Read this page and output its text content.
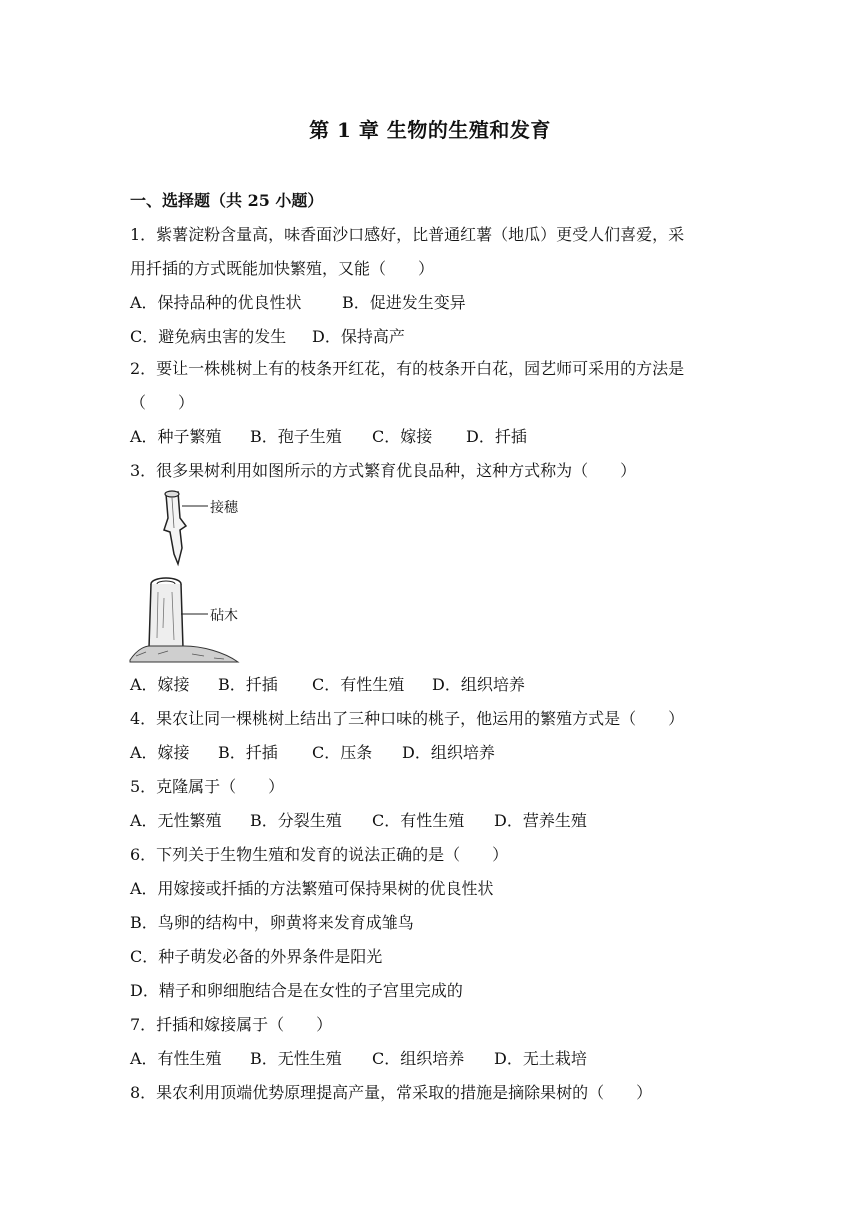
第 1 章 生物的生殖和发育
一、选择题（共 25 小题）
1．紫薯淀粉含量高，味香面沙口感好，比普通红薯（地瓜）更受人们喜爱，采
用扦插的方式既能加快繁殖，又能（　　）
A．保持品种的优良性状	B．促进发生变异
C．避免病虫害的发生 D．保持高产
2．要让一株桃树上有的枝条开红花，有的枝条开白花，园艺师可采用的方法是
（　　）
A．种子繁殖 B．孢子生殖 C．嫁接 D．扦插
3．很多果树利用如图所示的方式繁育优良品种，这种方式称为（　　）
接穗
砧木
A．嫁接 B．扦插 C．有性生殖 D．组织培养
4．果农让同一棵桃树上结出了三种口味的桃子，他运用的繁殖方式是（　　）
A．嫁接 B．扦插 C．压条 D．组织培养
5．克隆属于（　　）
A．无性繁殖 B．分裂生殖 C．有性生殖 D．营养生殖
6．下列关于生物生殖和发育的说法正确的是（　　）
A．用嫁接或扦插的方法繁殖可保持果树的优良性状
B．鸟卵的结构中，卵黄将来发育成雏鸟
C．种子萌发必备的外界条件是阳光
D．精子和卵细胞结合是在女性的子宫里完成的
7．扦插和嫁接属于（　　）
A．有性生殖 B．无性生殖 C．组织培养 D．无土栽培
8．果农利用顶端优势原理提高产量，常采取的措施是摘除果树的（　　）
